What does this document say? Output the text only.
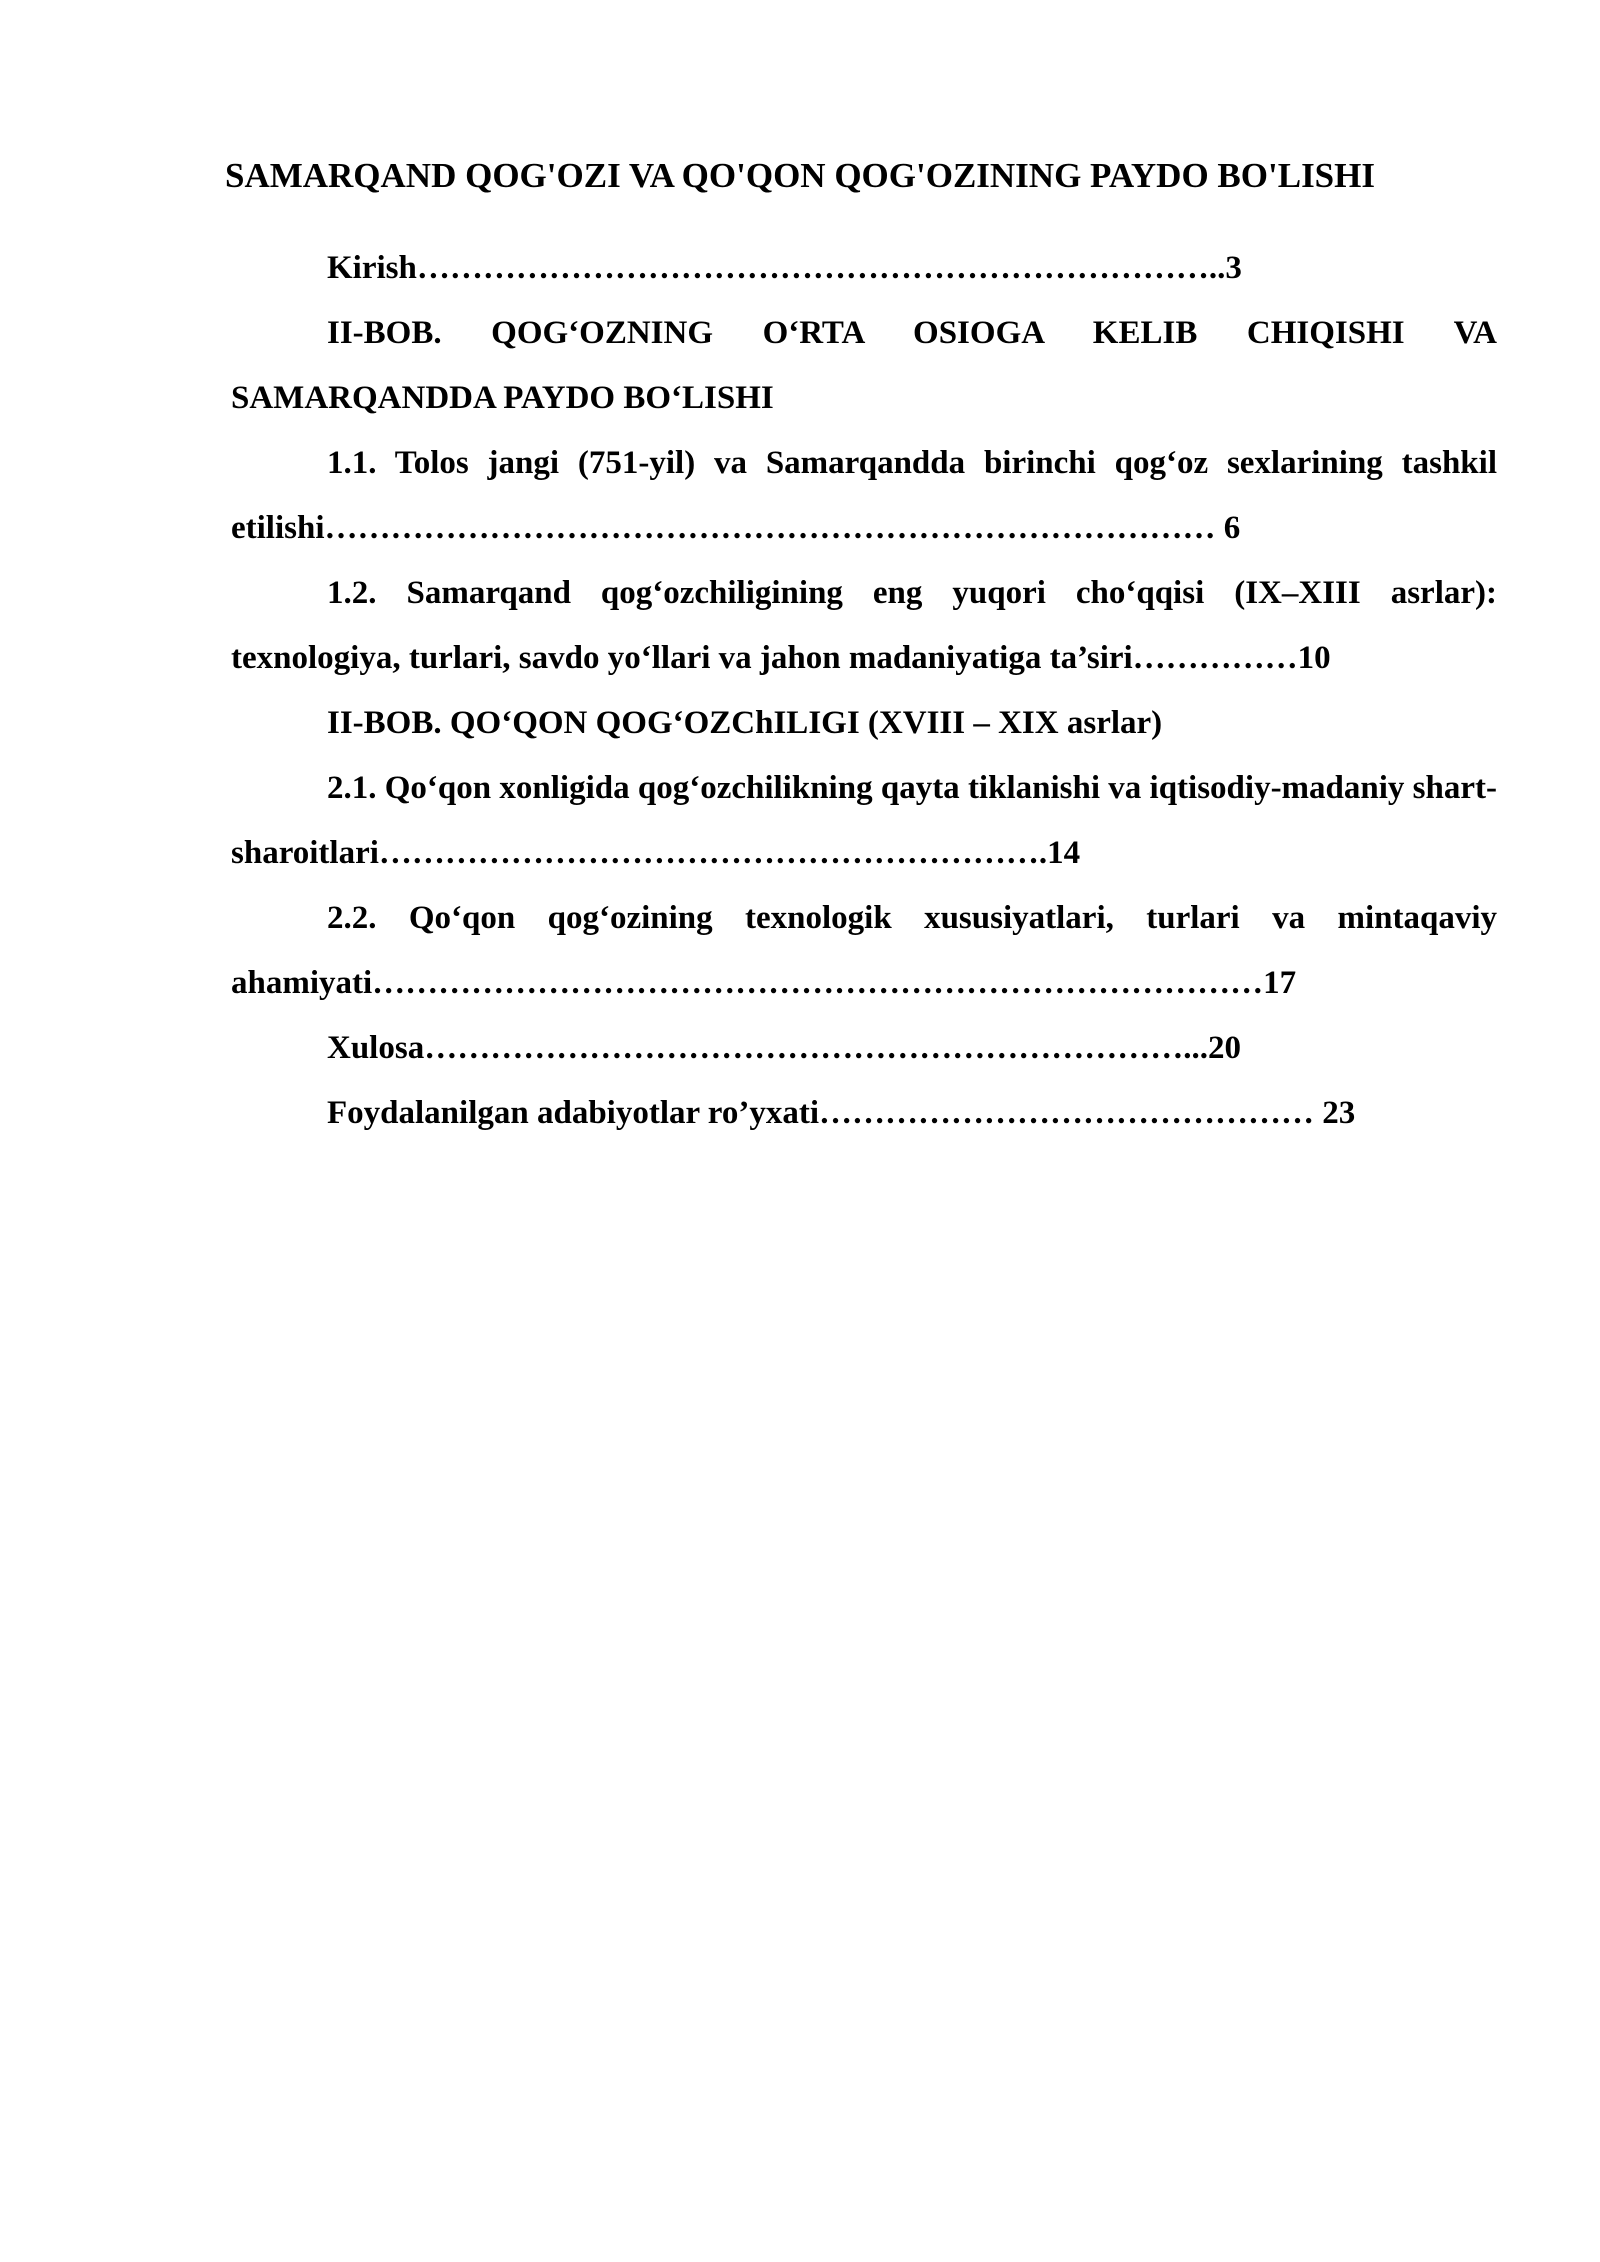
SAMARQAND QOG'OZI VA QO'QON QOG'OZINING PAYDO BO'LISHI

Kirish………………………………………………………………..3

II-BOB. QOG‘OZNING O‘RTA OSIOGA KELIB CHIQISHI VA SAMARQANDDA PAYDO BO‘LISHI

1.1. Tolos jangi (751-yil) va Samarqandda birinchi qog‘oz sexlarining tashkil etilishi……………………………………………………………………… 6

1.2. Samarqand qog‘ozchiligining eng yuqori cho‘qqisi (IX–XIII asrlar): texnologiya, turlari, savdo yo‘llari va jahon madaniyatiga ta’siri……………10

II-BOB. QO‘QON QOG‘OZChILIGI (XVIII – XIX asrlar)

2.1. Qo‘qon xonligida qog‘ozchilikning qayta tiklanishi va iqtisodiy-madaniy shart-sharoitlari…………………………………………………….14

2.2. Qo‘qon qog‘ozining texnologik xususiyatlari, turlari va mintaqaviy ahamiyati………………………………………………………………………17

Xulosa……………………………………………………………...20

Foydalanilgan adabiyotlar ro’yxati……………………………………… 23
